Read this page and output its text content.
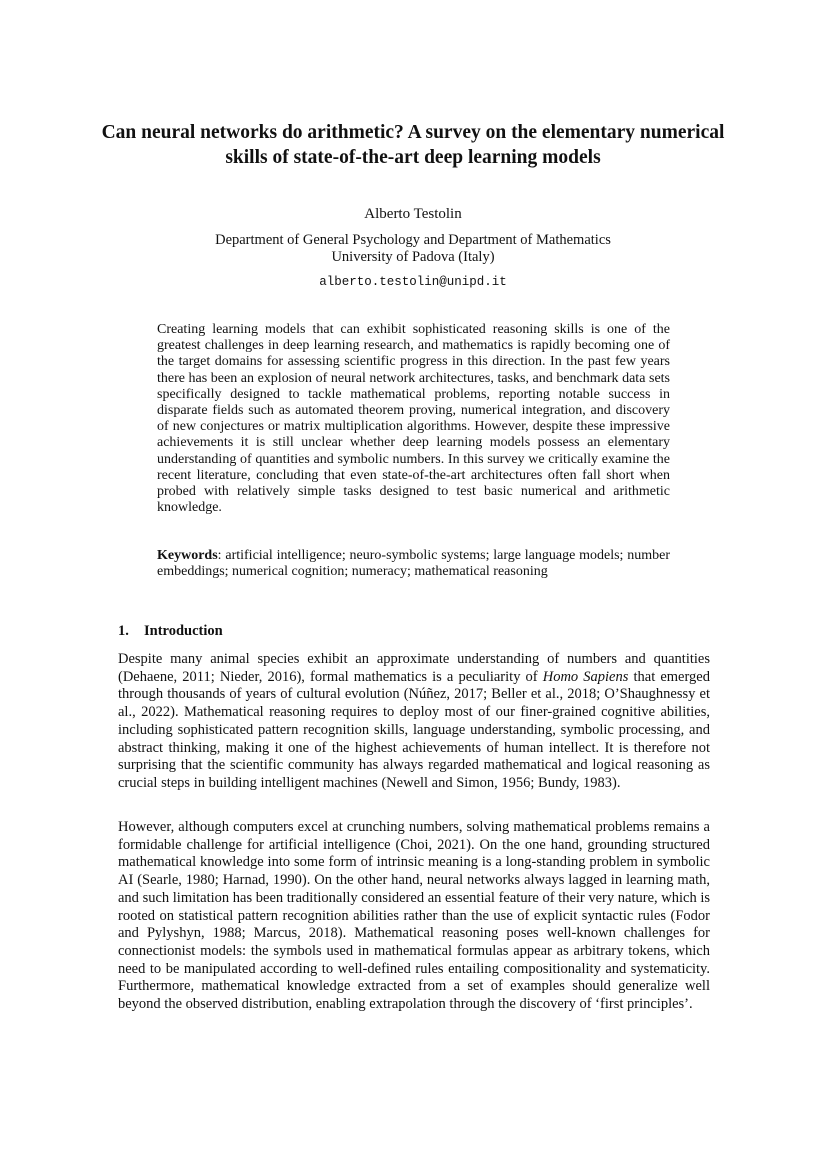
Can neural networks do arithmetic? A survey on the elementary numerical skills of state-of-the-art deep learning models

Alberto Testolin

Department of General Psychology and Department of Mathematics
University of Padova (Italy)

alberto.testolin@unipd.it

Creating learning models that can exhibit sophisticated reasoning skills is one of the greatest challenges in deep learning research, and mathematics is rapidly becoming one of the target domains for assessing scientific progress in this direction. In the past few years there has been an explosion of neural network architectures, tasks, and benchmark data sets specifically designed to tackle mathematical problems, reporting notable success in disparate fields such as automated theorem proving, numerical integration, and discovery of new conjectures or matrix multiplication algorithms. However, despite these impressive achievements it is still unclear whether deep learning models possess an elementary understanding of quantities and symbolic numbers. In this survey we critically examine the recent literature, concluding that even state-of-the-art architectures often fall short when probed with relatively simple tasks designed to test basic numerical and arithmetic knowledge.

Keywords: artificial intelligence; neuro-symbolic systems; large language models; number embeddings; numerical cognition; numeracy; mathematical reasoning

1. Introduction

Despite many animal species exhibit an approximate understanding of numbers and quantities (Dehaene, 2011; Nieder, 2016), formal mathematics is a peculiarity of Homo Sapiens that emerged through thousands of years of cultural evolution (Núñez, 2017; Beller et al., 2018; O’Shaughnessy et al., 2022). Mathematical reasoning requires to deploy most of our finer-grained cognitive abilities, including sophisticated pattern recognition skills, language understanding, symbolic processing, and abstract thinking, making it one of the highest achievements of human intellect. It is therefore not surprising that the scientific community has always regarded mathematical and logical reasoning as crucial steps in building intelligent machines (Newell and Simon, 1956; Bundy, 1983).

However, although computers excel at crunching numbers, solving mathematical problems remains a formidable challenge for artificial intelligence (Choi, 2021). On the one hand, grounding structured mathematical knowledge into some form of intrinsic meaning is a long-standing problem in symbolic AI (Searle, 1980; Harnad, 1990). On the other hand, neural networks always lagged in learning math, and such limitation has been traditionally considered an essential feature of their very nature, which is rooted on statistical pattern recognition abilities rather than the use of explicit syntactic rules (Fodor and Pylyshyn, 1988; Marcus, 2018). Mathematical reasoning poses well-known challenges for connectionist models: the symbols used in mathematical formulas appear as arbitrary tokens, which need to be manipulated according to well-defined rules entailing compositionality and systematicity. Furthermore, mathematical knowledge extracted from a set of examples should generalize well beyond the observed distribution, enabling extrapolation through the discovery of ‘first principles’.
